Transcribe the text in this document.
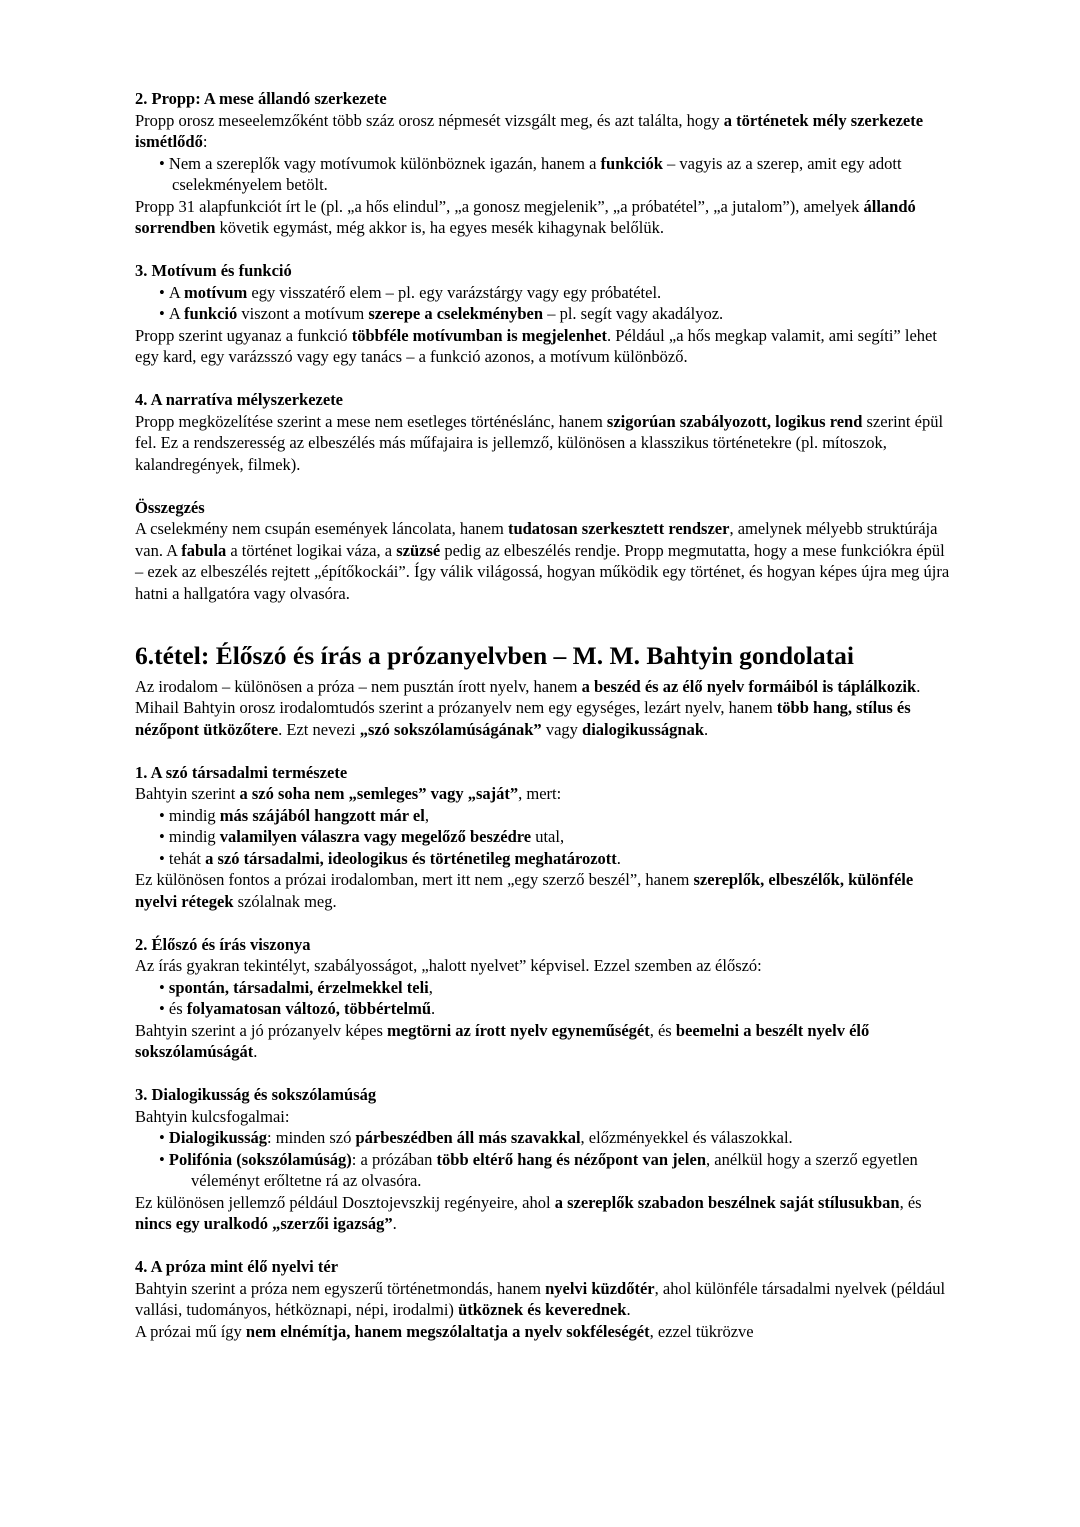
2. Propp: A mese állandó szerkezete
Propp orosz meseelemzőként több száz orosz népmesét vizsgált meg, és azt találta, hogy a történetek mély szerkezete ismétlődő:
• Nem a szereplők vagy motívumok különböznek igazán, hanem a funkciók – vagyis az a szerep, amit egy adott cselekményelem betölt.
Propp 31 alapfunkciót írt le (pl. „a hős elindul”, „a gonosz megjelenik”, „a próbatétel”, „a jutalom”), amelyek állandó sorrendben követik egymást, még akkor is, ha egyes mesék kihagynak belőlük.
3. Motívum és funkció
• A motívum egy visszatérő elem – pl. egy varázstárgy vagy egy próbatétel.
• A funkció viszont a motívum szerepe a cselekményben – pl. segít vagy akadályoz.
Propp szerint ugyanaz a funkció többféle motívumban is megjelenhet. Például „a hős megkap valamit, ami segíti” lehet egy kard, egy varázsszó vagy egy tanács – a funkció azonos, a motívum különböző.
4. A narratíva mélyszerkezete
Propp megközelítése szerint a mese nem esetleges történéslánc, hanem szigorúan szabályozott, logikus rend szerint épül fel. Ez a rendszeresség az elbeszélés más műfajaira is jellemző, különösen a klasszikus történetekre (pl. mítoszok, kalandregények, filmek).
Összegzés
A cselekmény nem csupán események láncolata, hanem tudatosan szerkesztett rendszer, amelynek mélyebb struktúrája van. A fabula a történet logikai váza, a szüzsé pedig az elbeszélés rendje. Propp megmutatta, hogy a mese funkciókra épül – ezek az elbeszélés rejtett „építőkockái”. Így válik világossá, hogyan működik egy történet, és hogyan képes újra meg újra hatni a hallgatóra vagy olvasóra.
6.tétel: Élőszó és írás a prózanyelvben – M. M. Bahtyin gondolatai
Az irodalom – különösen a próza – nem pusztán írott nyelv, hanem a beszéd és az élő nyelv formáiból is táplálkozik. Mihail Bahtyin orosz irodalomtudós szerint a prózanyelv nem egy egységes, lezárt nyelv, hanem több hang, stílus és nézőpont ütközőtere. Ezt nevezi „szó sokszólamúságának” vagy dialogikusságnak.
1. A szó társadalmi természete
Bahtyin szerint a szó soha nem „semleges” vagy „saját”, mert:
• mindig más szájából hangzott már el,
• mindig valamilyen válaszra vagy megelőző beszédre utal,
• tehát a szó társadalmi, ideologikus és történetileg meghatározott.
Ez különösen fontos a prózai irodalomban, mert itt nem „egy szerző beszél”, hanem szereplők, elbeszélők, különféle nyelvi rétegek szólalnak meg.
2. Élőszó és írás viszonya
Az írás gyakran tekintélyt, szabályosságot, „halott nyelvet” képvisel. Ezzel szemben az élőszó:
• spontán, társadalmi, érzelmekkel teli,
• és folyamatosan változó, többértelmű.
Bahtyin szerint a jó prózanyelv képes megtörni az írott nyelv egyneműségét, és beemelni a beszélt nyelv élő sokszólamúságát.
3. Dialogikusság és sokszólamúság
Bahtyin kulcsfogalmai:
• Dialogikusság: minden szó párbeszédben áll más szavakkal, előzményekkel és válaszokkal.
• Polifónia (sokszólamúság): a prózában több eltérő hang és nézőpont van jelen, anélkül hogy a szerző egyetlen véleményt erőltetne rá az olvasóra.
Ez különösen jellemző például Dosztojevszkij regényeire, ahol a szereplők szabadon beszélnek saját stílusukban, és nincs egy uralkodó „szerzői igazság”.
4. A próza mint élő nyelvi tér
Bahtyin szerint a próza nem egyszerű történetmondás, hanem nyelvi küzdőtér, ahol különféle társadalmi nyelvek (például vallási, tudományos, hétköznapi, népi, irodalmi) ütköznek és keverednek.
A prózai mű így nem elnémítja, hanem megszólaltatja a nyelv sokféleségét, ezzel tükrözve
